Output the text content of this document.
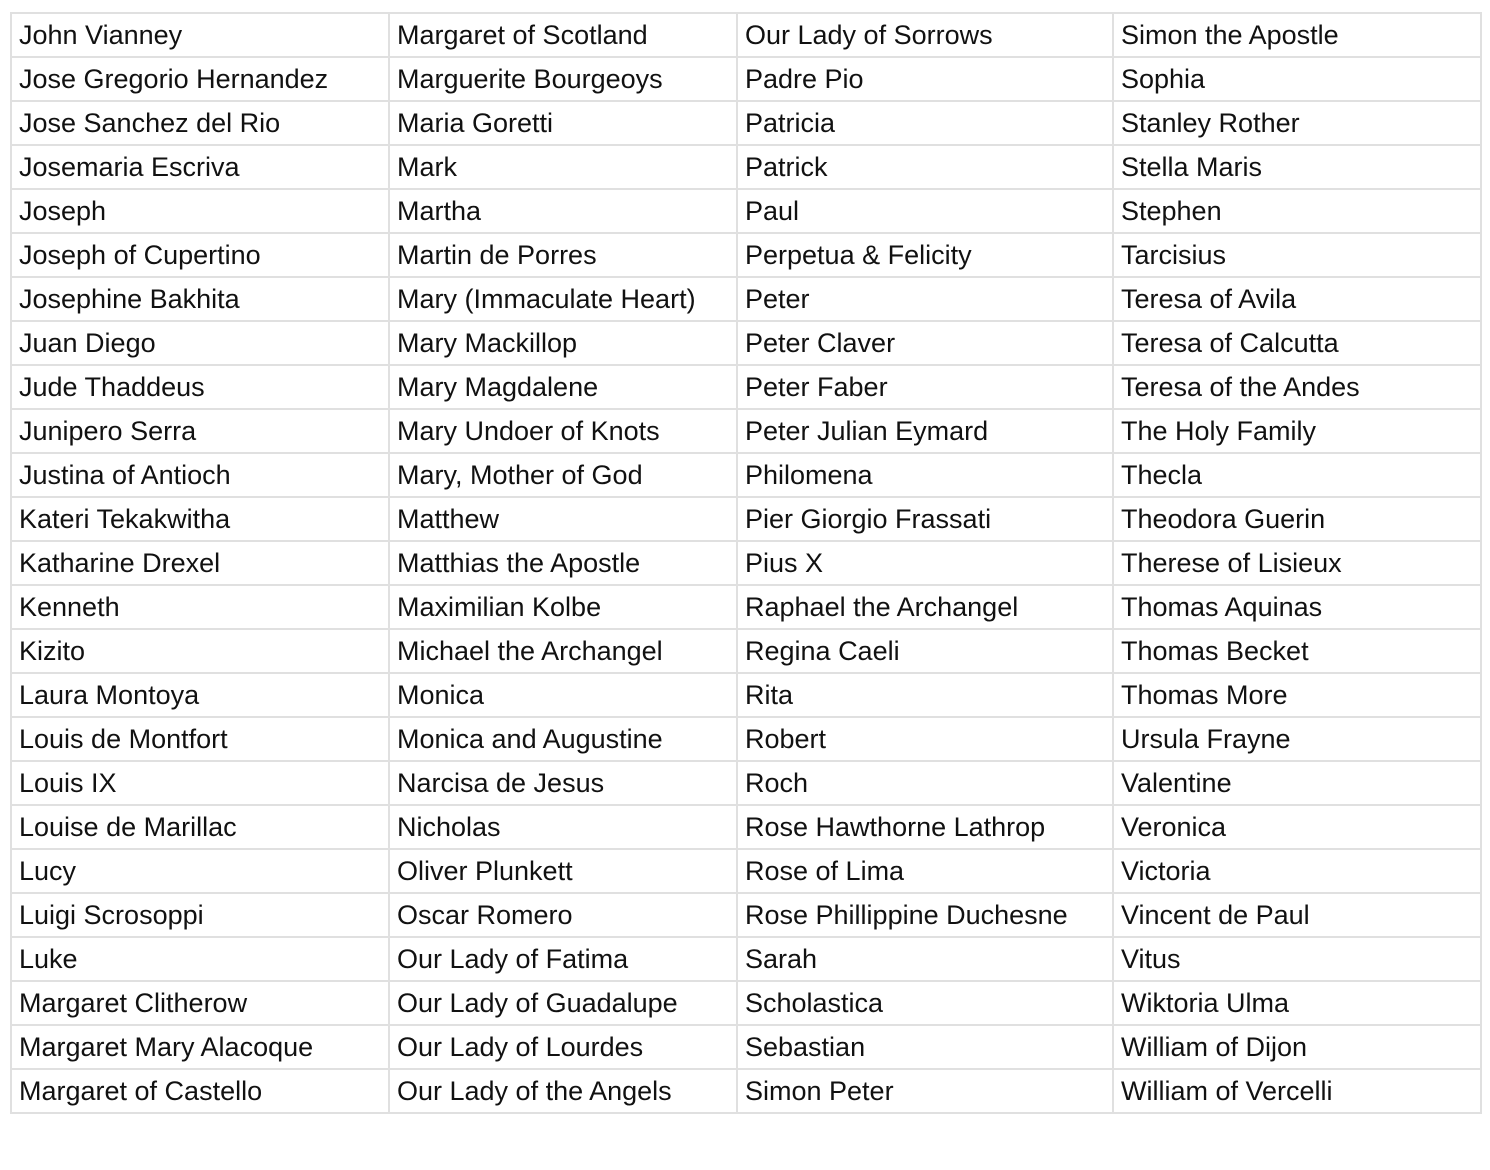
John Vianney	Margaret of Scotland	Our Lady of Sorrows	Simon the Apostle
Jose Gregorio Hernandez	Marguerite Bourgeoys	Padre Pio	Sophia
Jose Sanchez del Rio	Maria Goretti	Patricia	Stanley Rother
Josemaria Escriva	Mark	Patrick	Stella Maris
Joseph	Martha	Paul	Stephen
Joseph of Cupertino	Martin de Porres	Perpetua & Felicity	Tarcisius
Josephine Bakhita	Mary (Immaculate Heart)	Peter	Teresa of Avila
Juan Diego	Mary Mackillop	Peter Claver	Teresa of Calcutta
Jude Thaddeus	Mary Magdalene	Peter Faber	Teresa of the Andes
Junipero Serra	Mary Undoer of Knots	Peter Julian Eymard	The Holy Family
Justina of Antioch	Mary, Mother of God	Philomena	Thecla
Kateri Tekakwitha	Matthew	Pier Giorgio Frassati	Theodora Guerin
Katharine Drexel	Matthias the Apostle	Pius X	Therese of Lisieux
Kenneth	Maximilian Kolbe	Raphael the Archangel	Thomas Aquinas
Kizito	Michael the Archangel	Regina Caeli	Thomas Becket
Laura Montoya	Monica	Rita	Thomas More
Louis de Montfort	Monica and Augustine	Robert	Ursula Frayne
Louis IX	Narcisa de Jesus	Roch	Valentine
Louise de Marillac	Nicholas	Rose Hawthorne Lathrop	Veronica
Lucy	Oliver Plunkett	Rose of Lima	Victoria
Luigi Scrosoppi	Oscar Romero	Rose Phillippine Duchesne	Vincent de Paul
Luke	Our Lady of Fatima	Sarah	Vitus
Margaret Clitherow	Our Lady of Guadalupe	Scholastica	Wiktoria Ulma
Margaret Mary Alacoque	Our Lady of Lourdes	Sebastian	William of Dijon
Margaret of Castello	Our Lady of the Angels	Simon Peter	William of Vercelli
